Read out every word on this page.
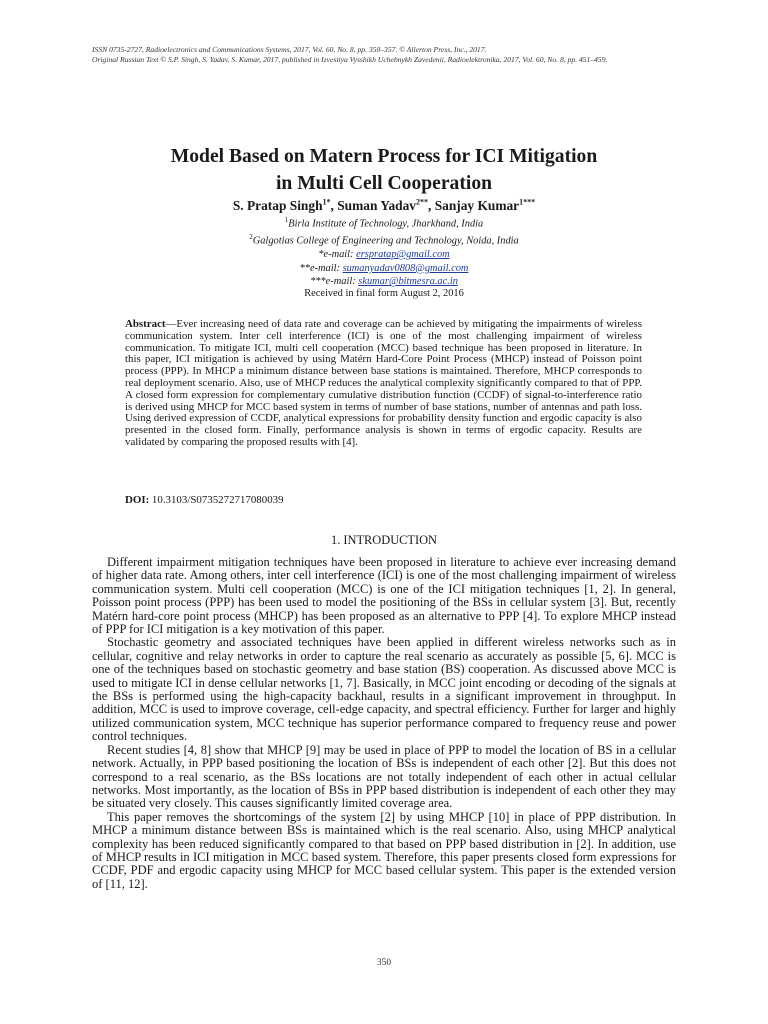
ISSN 0735-2727, Radioelectronics and Communications Systems, 2017, Vol. 60, No. 8, pp. 350–357. © Allerton Press, Inc., 2017.
Original Russian Text © S.P. Singh, S. Yadav, S. Kumar, 2017, published in Izvestiya Vysshikh Uchebnykh Zavedenii, Radioelektronika, 2017, Vol. 60, No. 8, pp. 451–459.
Model Based on Matern Process for ICI Mitigation
in Multi Cell Cooperation
S. Pratap Singh$^{1*}$, Suman Yadav$^{2**}$, Sanjay Kumar$^{1***}$
$^1$Birla Institute of Technology, Jharkhand, India
$^2$Galgotias College of Engineering and Technology, Noida, India
*e-mail: erspratap@gmail.com
**e-mail: sumanyadav0808@gmail.com
***e-mail: skumar@bitmesra.ac.in
Received in final form August 2, 2016
Abstract—Ever increasing need of data rate and coverage can be achieved by mitigating the impairments of wireless communication system. Inter cell interference (ICI) is one of the most challenging impairment of wireless communication. To mitigate ICI, multi cell cooperation (MCC) based technique has been proposed in literature. In this paper, ICI mitigation is achieved by using Matérn Hard-Core Point Process (MHCP) instead of Poisson point process (PPP). In MHCP a minimum distance between base stations is maintained. Therefore, MHCP corresponds to real deployment scenario. Also, use of MHCP reduces the analytical complexity significantly compared to that of PPP. A closed form expression for complementary cumulative distribution function (CCDF) of signal-to-interference ratio is derived using MHCP for MCC based system in terms of number of base stations, number of antennas and path loss. Using derived expression of CCDF, analytical expressions for probability density function and ergodic capacity is also presented in the closed form. Finally, performance analysis is shown in terms of ergodic capacity. Results are validated by comparing the proposed results with [4].
DOI: 10.3103/S0735272717080039
1. INTRODUCTION

Different impairment mitigation techniques have been proposed in literature to achieve ever increasing demand of higher data rate. Among others, inter cell interference (ICI) is one of the most challenging impairment of wireless communication system. Multi cell cooperation (MCC) is one of the ICI mitigation techniques [1, 2]. In general, Poisson point process (PPP) has been used to model the positioning of the BSs in cellular system [3]. But, recently Matérn hard-core point process (MHCP) has been proposed as an alternative to PPP [4]. To explore MHCP instead of PPP for ICI mitigation is a key motivation of this paper.

Stochastic geometry and associated techniques have been applied in different wireless networks such as in cellular, cognitive and relay networks in order to capture the real scenario as accurately as possible [5, 6]. MCC is one of the techniques based on stochastic geometry and base station (BS) cooperation. As discussed above MCC is used to mitigate ICI in dense cellular networks [1, 7]. Basically, in MCC joint encoding or decoding of the signals at the BSs is performed using the high-capacity backhaul, results in a significant improvement in throughput. In addition, MCC is used to improve coverage, cell-edge capacity, and spectral efficiency. Further for larger and highly utilized communication system, MCC technique has superior performance compared to frequency reuse and power control techniques.

Recent studies [4, 8] show that MHCP [9] may be used in place of PPP to model the location of BS in a cellular network. Actually, in PPP based positioning the location of BSs is independent of each other [2]. But this does not correspond to a real scenario, as the BSs locations are not totally independent of each other in actual cellular networks. Most importantly, as the location of BSs in PPP based distribution is independent of each other they may be situated very closely. This causes significantly limited coverage area.

This paper removes the shortcomings of the system [2] by using MHCP [10] in place of PPP distribution. In MHCP a minimum distance between BSs is maintained which is the real scenario. Also, using MHCP analytical complexity has been reduced significantly compared to that based on PPP based distribution in [2]. In addition, use of MHCP results in ICI mitigation in MCC based system. Therefore, this paper presents closed form expressions for CCDF, PDF and ergodic capacity using MHCP for MCC based cellular system. This paper is the extended version of [11, 12].

350
